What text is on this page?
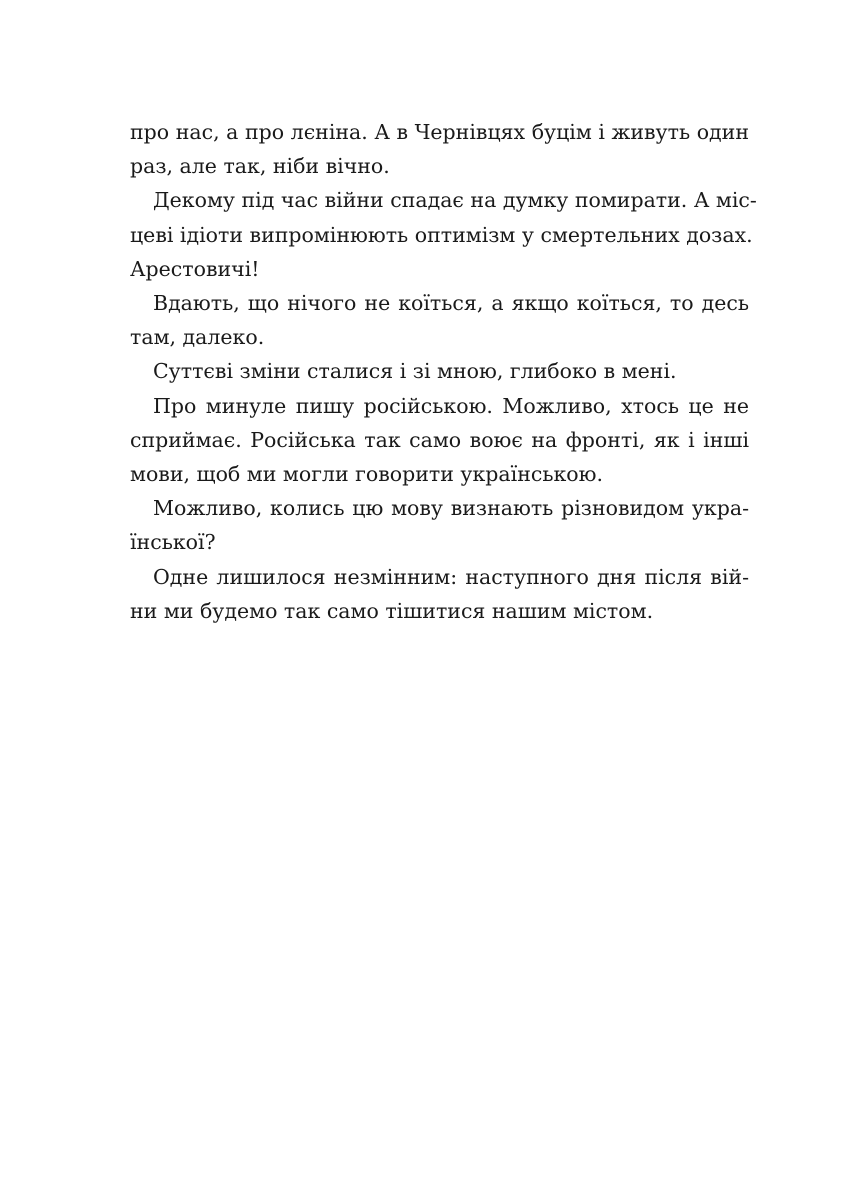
про нас, а про лєніна. А в Чернівцях буцім і живуть один
раз, але так, ніби вічно.
Декому під час війни спадає на думку помирати. А міс-
цеві ідіоти випромінюють оптимізм у смертельних дозах.
Арестовичі!
Вдають, що нічого не коїться, а якщо коїться, то десь
там, далеко.
Суттєві зміни сталися і зі мною, глибоко в мені.
Про минуле пишу російською. Можливо, хтось це не
сприймає. Російська так само воює на фронті, як і інші
мови, щоб ми могли говорити українською.
Можливо, колись цю мову визнають різновидом укра-
їнської?
Одне лишилося незмінним: наступного дня після вій-
ни ми будемо так само тішитися нашим містом.
